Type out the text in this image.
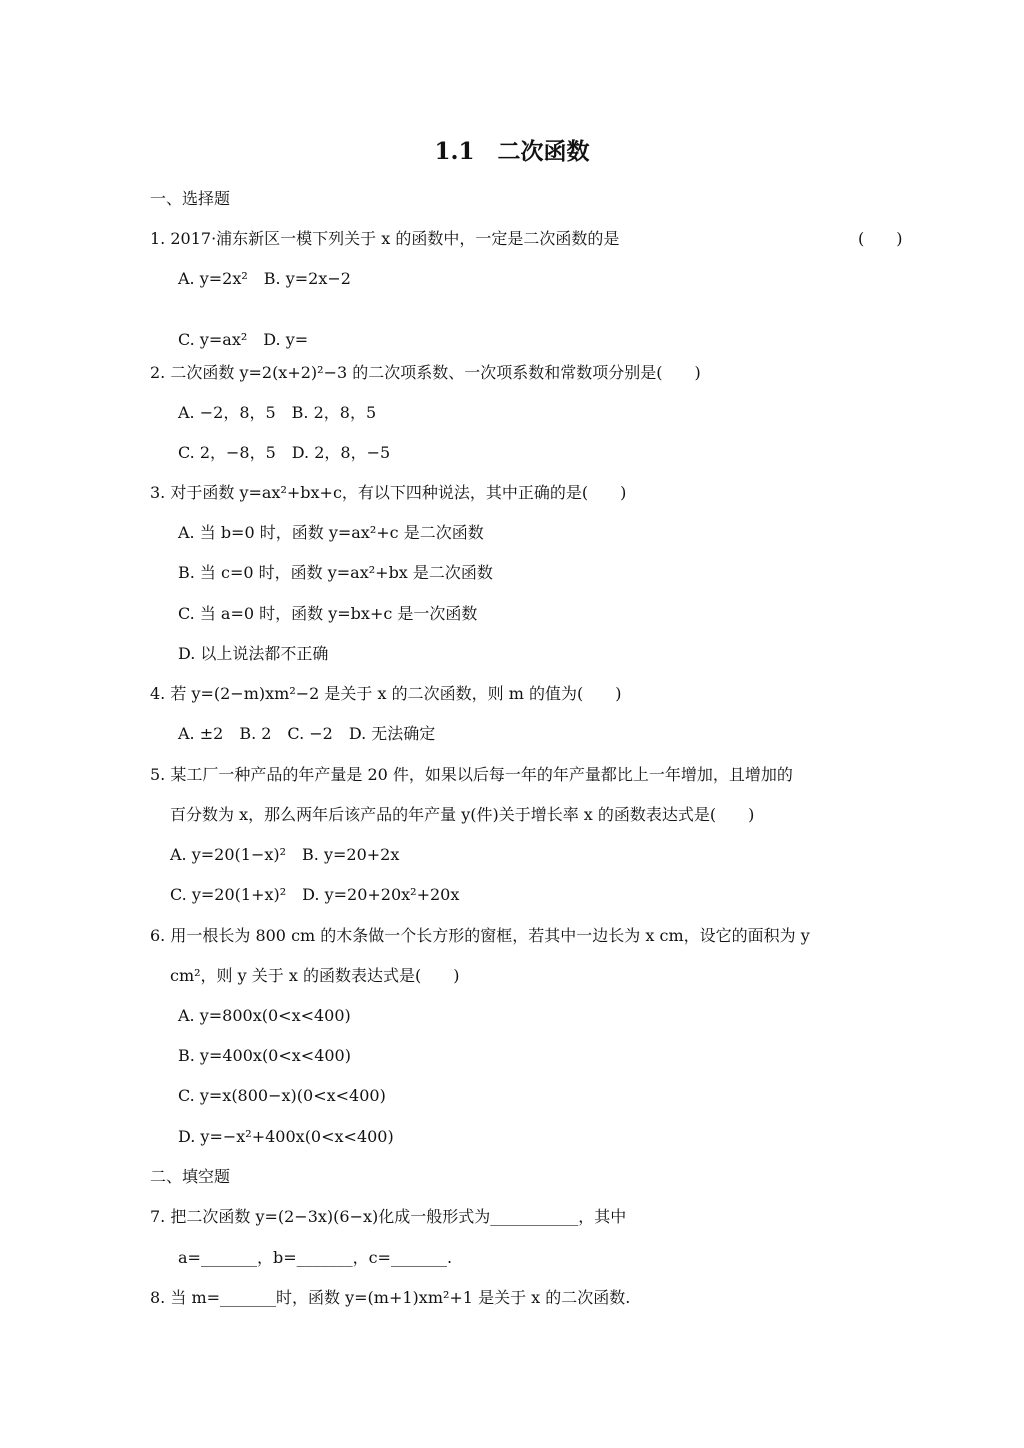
1.1　二次函数
一、选择题
1. 2017·浦东新区一模下列关于 x 的函数中，一定是二次函数的是	(　　)
A. y=2x²　B. y=2x−2
C. y=ax²　D. y=
2. 二次函数 y=2(x+2)²−3 的二次项系数、一次项系数和常数项分别是(　　)
A. −2，8，5　B. 2，8，5
C. 2，−8，5　D. 2，8，−5
3. 对于函数 y=ax²+bx+c，有以下四种说法，其中正确的是(　　)
A. 当 b=0 时，函数 y=ax²+c 是二次函数
B. 当 c=0 时，函数 y=ax²+bx 是二次函数
C. 当 a=0 时，函数 y=bx+c 是一次函数
D. 以上说法都不正确
4. 若 y=(2−m)xm²−2 是关于 x 的二次函数，则 m 的值为(　　)
A. ±2　B. 2　C. −2　D. 无法确定
5. 某工厂一种产品的年产量是 20 件，如果以后每一年的年产量都比上一年增加，且增加的
百分数为 x，那么两年后该产品的年产量 y(件)关于增长率 x 的函数表达式是(　　)
A. y=20(1−x)²　B. y=20+2x
C. y=20(1+x)²　D. y=20+20x²+20x
6. 用一根长为 800 cm 的木条做一个长方形的窗框，若其中一边长为 x cm，设它的面积为 y
cm²，则 y 关于 x 的函数表达式是(　　)
A. y=800x(0<x<400)
B. y=400x(0<x<400)
C. y=x(800−x)(0<x<400)
D. y=−x²+400x(0<x<400)
二、填空题
7. 把二次函数 y=(2−3x)(6−x)化成一般形式为___________，其中
a=_______，b=_______，c=_______.
8. 当 m=_______时，函数 y=(m+1)xm²+1 是关于 x 的二次函数.
